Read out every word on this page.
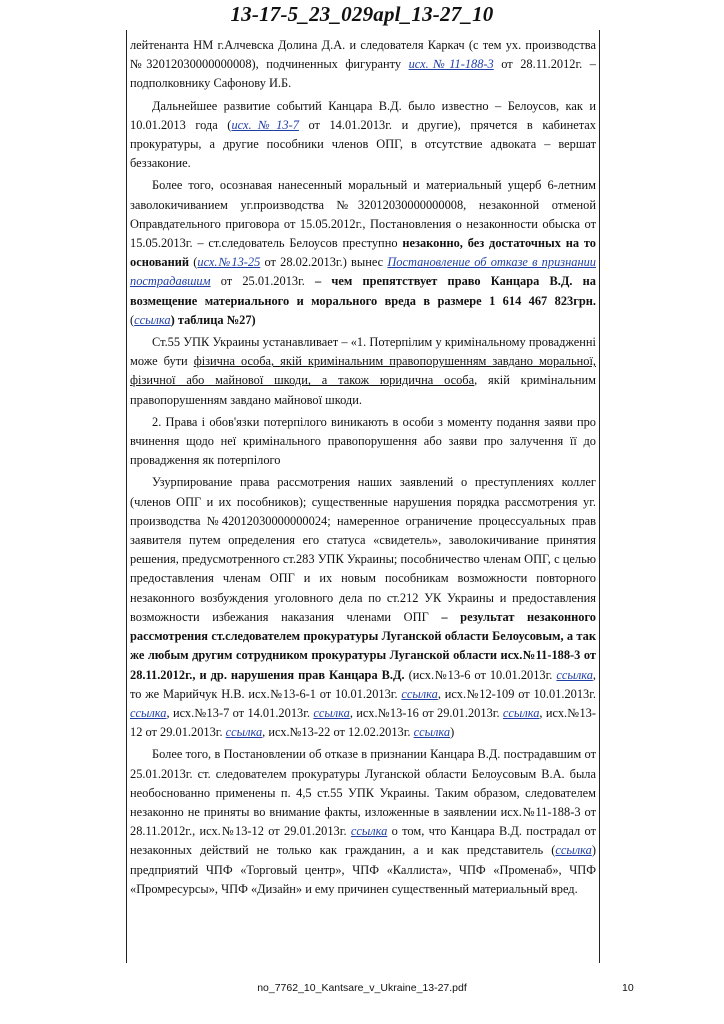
13-17-5_23_029apl_13-27_10

лейтенанта НМ г.Алчевска Долина Д.А. и следователя Каркач (с тем ух. производства №32012030000000008), подчиненных фигуранту исх.№11-188-3 от 28.11.2012г. – подполковнику Сафонову И.Б.

Дальнейшее развитие событий Канцара В.Д. было известно – Белоусов, как и 10.01.2013 года (исх.№13-7 от 14.01.2013г. и другие), прячется в кабинетах прокуратуры, а другие пособники членов ОПГ, в отсутствие адвоката – вершат беззаконие.

Более того, осознавая нанесенный моральный и материальный ущерб 6-летним заволокичиванием уг.производства №32012030000000008, незаконной отменой Оправдательного приговора от 15.05.2012г., Постановления о незаконности обыска от 15.05.2013г. – ст.следователь Белоусов преступно незаконно, без достаточных на то оснований (исх.№13-25 от 28.02.2013г.) вынес Постановление об отказе в признании пострадавшим от 25.01.2013г. – чем препятствует право Канцара В.Д. на возмещение материального и морального вреда в размере 1 614 467 823грн. (ссылка) таблица №27)

Ст.55 УПК Украины устанавливает – «1. Потерпілим у кримінальному провадженні може бути фізична особа, якій кримінальним правопорушенням завдано моральної, фізичної або майнової шкоди, а також юридична особа, якій кримінальним правопорушенням завдано майнової шкоди.

2. Права і обов'язки потерпілого виникають в особи з моменту подання заяви про вчинення щодо неї кримінального правопорушення або заяви про залучення її до провадження як потерпілого

Узурпирование права рассмотрения наших заявлений о преступлениях коллег (членов ОПГ и их пособников); существенные нарушения порядка рассмотрения уг. производства №42012030000000024; намеренное ограничение процессуальных прав заявителя путем определения его статуса «свидетель», заволокичивание принятия решения, предусмотренного ст.283 УПК Украины; пособничество членам ОПГ, с целью предоставления членам ОПГ и их новым пособникам возможности повторного незаконного возбуждения уголовного дела по ст.212 УК Украины и предоставления возможности избежания наказания членами ОПГ – результат незаконного рассмотрения ст.следователем прокуратуры Луганской области Белоусовым, а так же любым другим сотрудником прокуратуры Луганской области исх.№11-188-3 от 28.11.2012г., и др. нарушения прав Канцара В.Д. (исх.№13-6 от 10.01.2013г. ссылка, то же Марийчук Н.В. исх.№13-6-1 от 10.01.2013г. ссылка, исх.№12-109 от 10.01.2013г. ссылка, исх.№13-7 от 14.01.2013г. ссылка, исх.№13-16 от 29.01.2013г. ссылка, исх.№13-12 от 29.01.2013г. ссылка, исх.№13-22 от 12.02.2013г. ссылка)

Более того, в Постановлении об отказе в признании Канцара В.Д. пострадавшим от 25.01.2013г. ст. следователем прокуратуры Луганской области Белоусовым В.А. была необоснованно применены п. 4,5 ст.55 УПК Украины. Таким образом, следователем незаконно не приняты во внимание факты, изложенные в заявлении исх.№11-188-3 от 28.11.2012г., исх.№13-12 от 29.01.2013г. ссылка о том, что Канцара В.Д. пострадал от незаконных действий не только как гражданин, а и как представитель (ссылка) предприятий ЧПФ «Торговый центр», ЧПФ «Каллиста», ЧПФ «Променаб», ЧПФ «Промресурсы», ЧПФ «Дизайн» и ему причинен существенный материальный вред.

no_7762_10_Kantsare_v_Ukraine_13-27.pdf	10
